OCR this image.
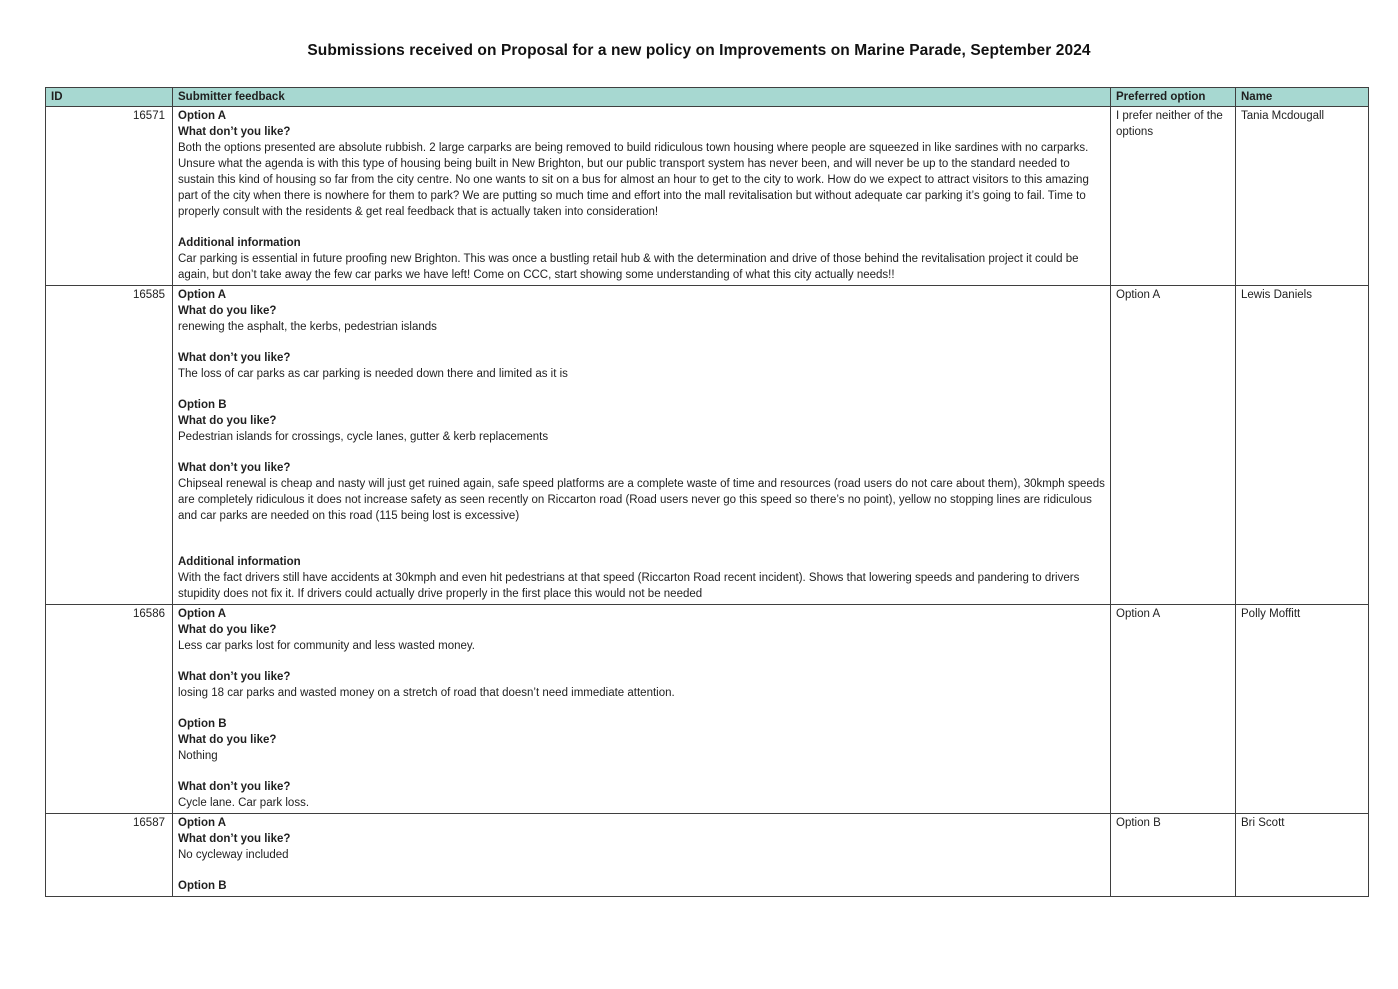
Submissions received on Proposal for a new policy on Improvements on Marine Parade, September 2024
ID	Submitter feedback	Preferred option	Name
16571	Option A
What don’t you like?
Both the options presented are absolute rubbish. 2 large carparks are being removed to build ridiculous town housing where people are squeezed in like sardines with no carparks. Unsure what the agenda is with this type of housing being built in New Brighton, but our public transport system has never been, and will never be up to the standard needed to sustain this kind of housing so far from the city centre. No one wants to sit on a bus for almost an hour to get to the city to work. How do we expect to attract visitors to this amazing part of the city when there is nowhere for them to park? We are putting so much time and effort into the mall revitalisation but without adequate car parking it’s going to fail. Time to properly consult with the residents & get real feedback that is actually taken into consideration!
Additional information
Car parking is essential in future proofing new Brighton. This was once a bustling retail hub & with the determination and drive of those behind the revitalisation project it could be again, but don’t take away the few car parks we have left! Come on CCC, start showing some understanding of what this city actually needs!!	I prefer neither of the options	Tania Mcdougall
16585	Option A
What do you like?
renewing the asphalt, the kerbs, pedestrian islands
What don’t you like?
The loss of car parks as car parking is needed down there and limited as it is
Option B
What do you like?
Pedestrian islands for crossings, cycle lanes, gutter & kerb replacements
What don’t you like?
Chipseal renewal is cheap and nasty will just get ruined again, safe speed platforms are a complete waste of time and resources (road users do not care about them), 30kmph speeds are completely ridiculous it does not increase safety as seen recently on Riccarton road (Road users never go this speed so there’s no point), yellow no stopping lines are ridiculous and car parks are needed on this road (115 being lost is excessive)
Additional information
With the fact drivers still have accidents at 30kmph and even hit pedestrians at that speed (Riccarton Road recent incident). Shows that lowering speeds and pandering to drivers stupidity does not fix it. If drivers could actually drive properly in the first place this would not be needed
	Option A	Lewis Daniels
16586	Option A
What do you like?
Less car parks lost for community and less wasted money.
What don’t you like?
losing 18 car parks and wasted money on a stretch of road that doesn’t need immediate attention.
Option B
What do you like?
Nothing
What don’t you like?
Cycle lane. Car park loss.
	Option A	Polly Moffitt
16587	Option A
What don’t you like?
No cycleway included
Option B	Option B	Bri Scott
